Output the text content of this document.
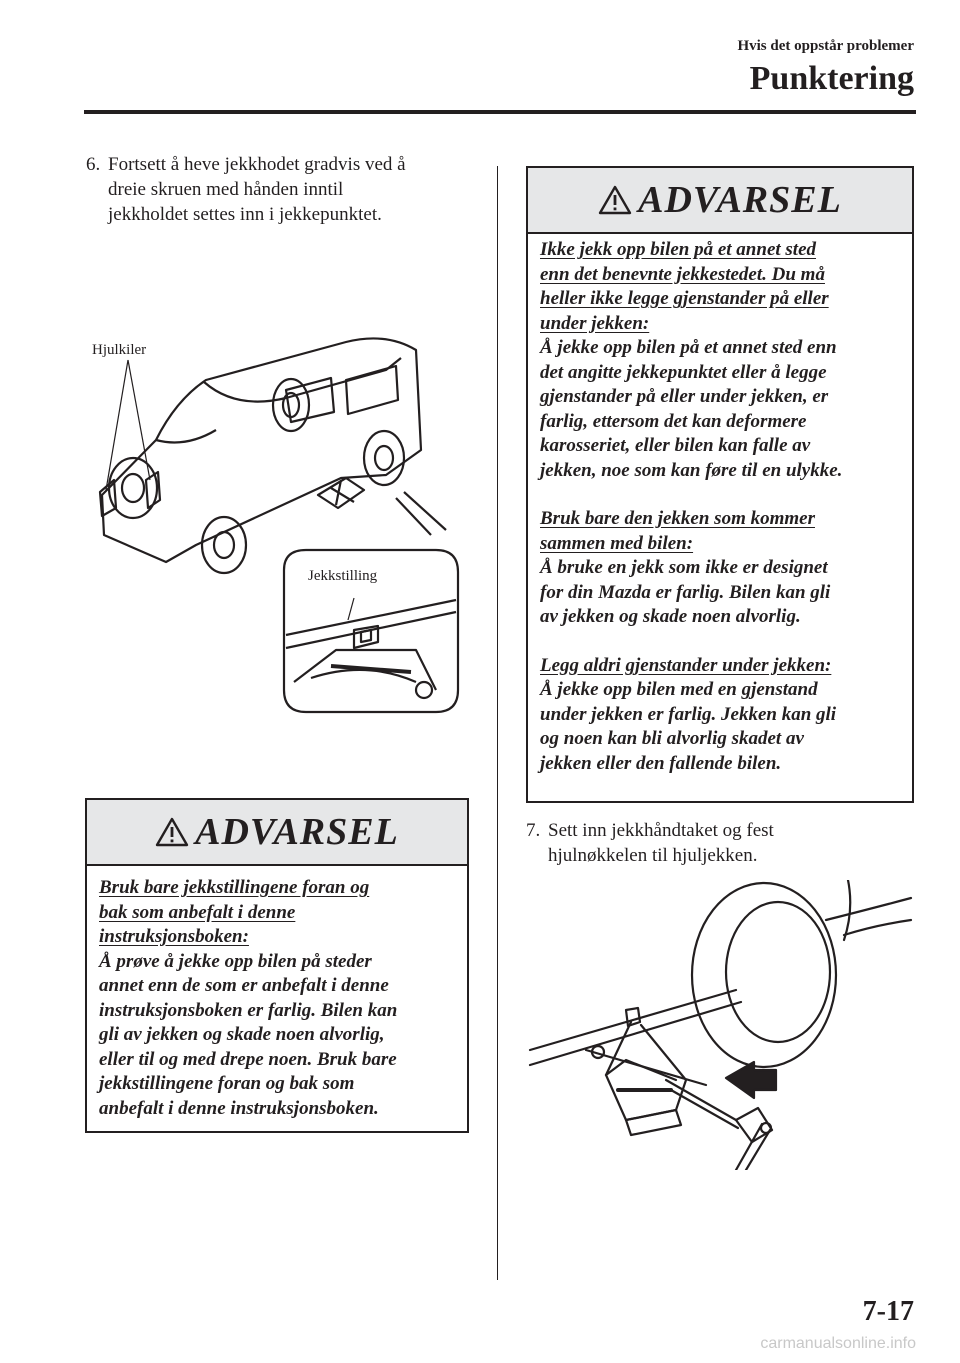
Hvis det oppstår problemer
Punktering
6. Fortsett å heve jekkhodet gradvis ved å
dreie skruen med hånden inntil
jekkholdet settes inn i jekkepunktet.
Hjulkiler
Jekkstilling
ADVARSEL
Bruk bare jekkstillingene foran og
bak som anbefalt i denne
instruksjonsboken:
Å prøve å jekke opp bilen på steder
annet enn de som er anbefalt i denne
instruksjonsboken er farlig. Bilen kan
gli av jekken og skade noen alvorlig,
eller til og med drepe noen. Bruk bare
jekkstillingene foran og bak som
anbefalt i denne instruksjonsboken.
ADVARSEL
Ikke jekk opp bilen på et annet sted
enn det benevnte jekkestedet. Du må
heller ikke legge gjenstander på eller
under jekken:
Å jekke opp bilen på et annet sted enn
det angitte jekkepunktet eller å legge
gjenstander på eller under jekken, er
farlig, ettersom det kan deformere
karosseriet, eller bilen kan falle av
jekken, noe som kan føre til en ulykke.
Bruk bare den jekken som kommer
sammen med bilen:
Å bruke en jekk som ikke er designet
for din Mazda er farlig. Bilen kan gli
av jekken og skade noen alvorlig.
Legg aldri gjenstander under jekken:
Å jekke opp bilen med en gjenstand
under jekken er farlig. Jekken kan gli
og noen kan bli alvorlig skadet av
jekken eller den fallende bilen.
7. Sett inn jekkhåndtaket og fest
hjulnøkkelen til hjuljekken.
7-17
carmanualsonline.info
